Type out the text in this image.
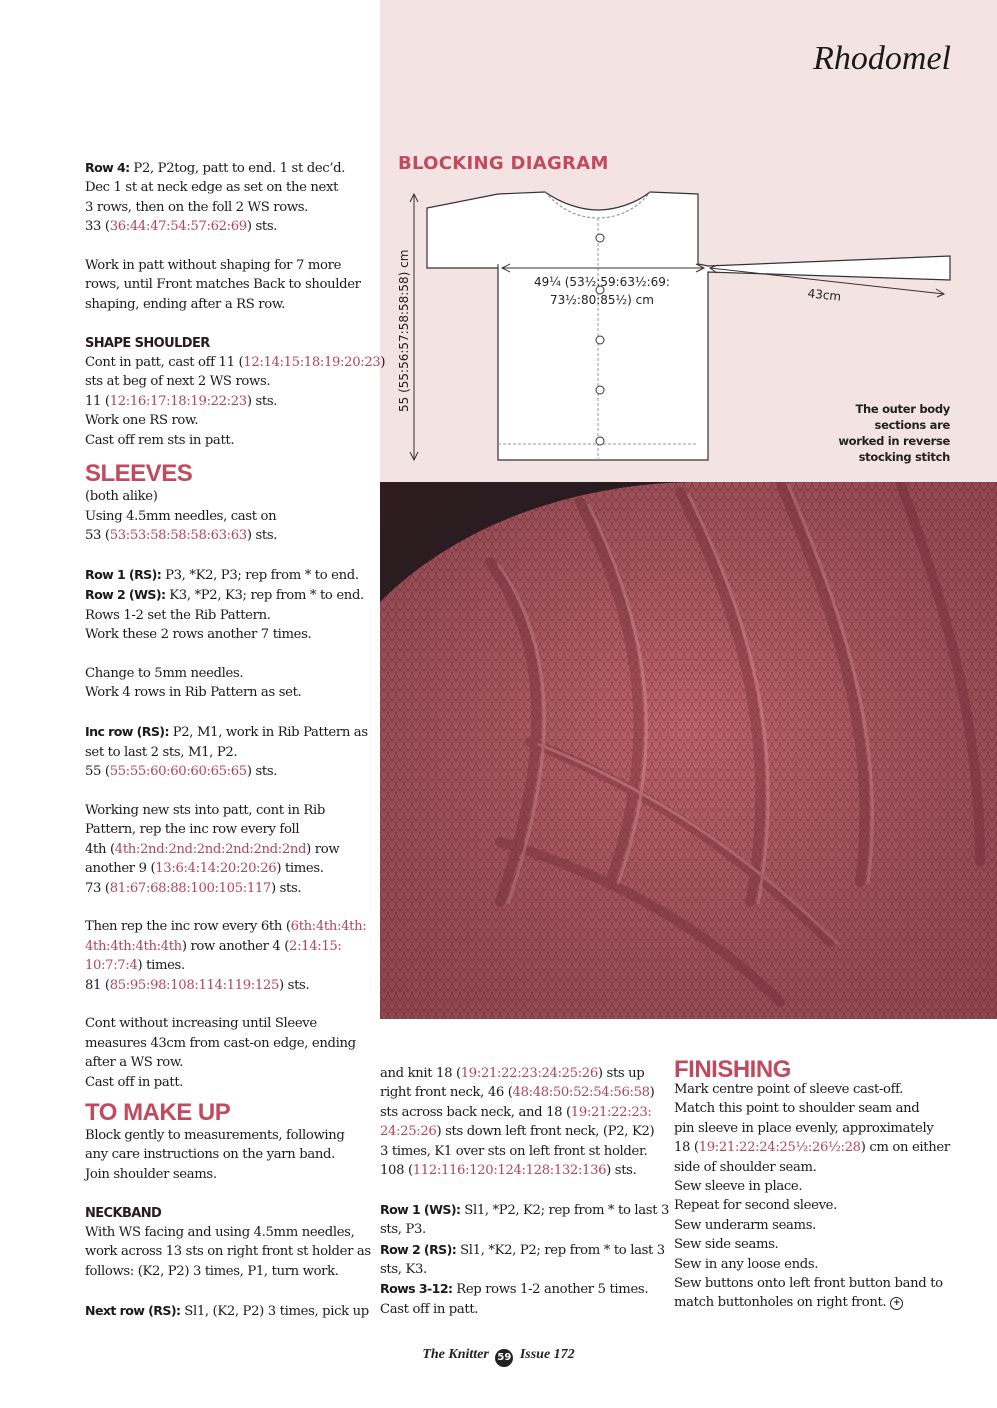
Rhodomel

Row 4: P2, P2tog, patt to end. 1 st dec’d.
Dec 1 st at neck edge as set on the next
3 rows, then on the foll 2 WS rows.
33 (36:44:47:54:57:62:69) sts.

Work in patt without shaping for 7 more
rows, until Front matches Back to shoulder
shaping, ending after a RS row.

SHAPE SHOULDER

Cont in patt, cast off 11 (12:14:15:18:19:20:23)
sts at beg of next 2 WS rows.
11 (12:16:17:18:19:22:23) sts.
Work one RS row.
Cast off rem sts in patt.

SLEEVES

(both alike)
Using 4.5mm needles, cast on
53 (53:53:58:58:58:63:63) sts.

Row 1 (RS): P3, *K2, P3; rep from * to end.
Row 2 (WS): K3, *P2, K3; rep from * to end.
Rows 1-2 set the Rib Pattern.
Work these 2 rows another 7 times.

Change to 5mm needles.
Work 4 rows in Rib Pattern as set.

Inc row (RS): P2, M1, work in Rib Pattern as
set to last 2 sts, M1, P2.
55 (55:55:60:60:60:65:65) sts.

Working new sts into patt, cont in Rib
Pattern, rep the inc row every foll
4th (4th:2nd:2nd:2nd:2nd:2nd:2nd) row
another 9 (13:6:4:14:20:20:26) times.
73 (81:67:68:88:100:105:117) sts.

Then rep the inc row every 6th (6th:4th:4th:
4th:4th:4th:4th) row another 4 (2:14:15:
10:7:7:4) times.
81 (85:95:98:108:114:119:125) sts.

Cont without increasing until Sleeve
measures 43cm from cast-on edge, ending
after a WS row.
Cast off in patt.

TO MAKE UP

Block gently to measurements, following
any care instructions on the yarn band.
Join shoulder seams.

NECKBAND

With WS facing and using 4.5mm needles,
work across 13 sts on right front st holder as
follows: (K2, P2) 3 times, P1, turn work.

Next row (RS): Sl1, (K2, P2) 3 times, pick up

and knit 18 (19:21:22:23:24:25:26) sts up
right front neck, 46 (48:48:50:52:54:56:58)
sts across back neck, and 18 (19:21:22:23:
24:25:26) sts down left front neck, (P2, K2)
3 times, K1 over sts on left front st holder.
108 (112:116:120:124:128:132:136) sts.

Row 1 (WS): Sl1, *P2, K2; rep from * to last 3
sts, P3.
Row 2 (RS): Sl1, *K2, P2; rep from * to last 3
sts, K3.
Rows 3-12: Rep rows 1-2 another 5 times.
Cast off in patt.

FINISHING

Mark centre point of sleeve cast-off.
Match this point to shoulder seam and
pin sleeve in place evenly, approximately
18 (19:21:22:24:25½:26½:28) cm on either
side of shoulder seam.
Sew sleeve in place.
Repeat for second sleeve.
Sew underarm seams.
Sew side seams.
Sew in any loose ends.
Sew buttons onto left front button band to
match buttonholes on right front. +

BLOCKING DIAGRAM
55 (55:56:57:58:58:58) cm	49¼ (53½:59:63½:69:
73½:80:85½) cm	43cm
The outer body
sections are
worked in reverse
stocking stitch
The Knitter 59 Issue 172
